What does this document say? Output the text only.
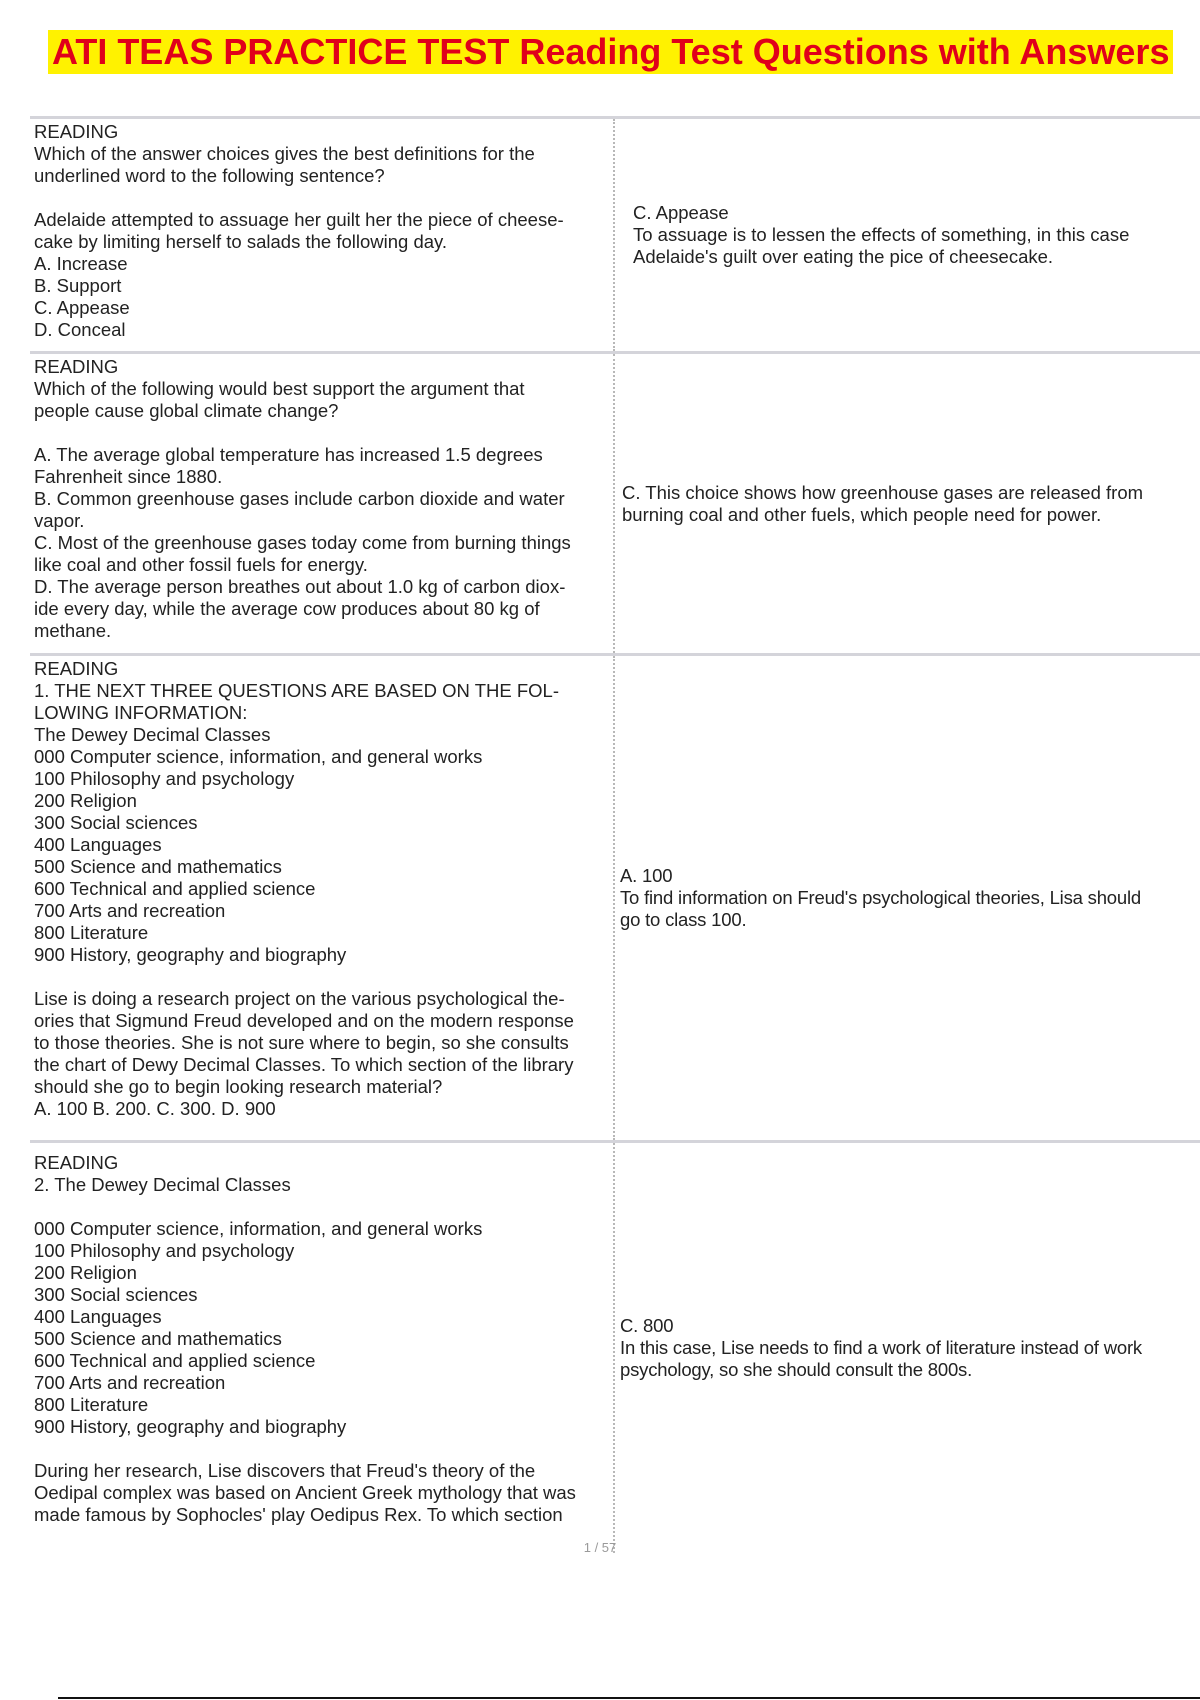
ATI TEAS PRACTICE TEST Reading Test Questions with Answers
READING
Which of the answer choices gives the best definitions for the
underlined word to the following sentence?

Adelaide attempted to assuage her guilt her the piece of cheese-
cake by limiting herself to salads the following day.
A. Increase
B. Support
C. Appease
D. Conceal
C. Appease
To assuage is to lessen the effects of something, in this case
Adelaide's guilt over eating the pice of cheesecake.
READING
Which of the following would best support the argument that
people cause global climate change?

A. The average global temperature has increased 1.5 degrees
Fahrenheit since 1880.
B. Common greenhouse gases include carbon dioxide and water
vapor.
C. Most of the greenhouse gases today come from burning things
like coal and other fossil fuels for energy.
D. The average person breathes out about 1.0 kg of carbon diox-
ide every day, while the average cow produces about 80 kg of
methane.
C. This choice shows how greenhouse gases are released from
burning coal and other fuels, which people need for power.
READING
1. THE NEXT THREE QUESTIONS ARE BASED ON THE FOL-
LOWING INFORMATION:
The Dewey Decimal Classes
000 Computer science, information, and general works
100 Philosophy and psychology
200 Religion
300 Social sciences
400 Languages
500 Science and mathematics
600 Technical and applied science
700 Arts and recreation
800 Literature
900 History, geography and biography

Lise is doing a research project on the various psychological the-
ories that Sigmund Freud developed and on the modern response
to those theories. She is not sure where to begin, so she consults
the chart of Dewy Decimal Classes. To which section of the library
should she go to begin looking research material?
A. 100 B. 200. C. 300. D. 900
A. 100
To find information on Freud's psychological theories, Lisa should
go to class 100.
READING
2. The Dewey Decimal Classes

000 Computer science, information, and general works
100 Philosophy and psychology
200 Religion
300 Social sciences
400 Languages
500 Science and mathematics
600 Technical and applied science
700 Arts and recreation
800 Literature
900 History, geography and biography

During her research, Lise discovers that Freud's theory of the
Oedipal complex was based on Ancient Greek mythology that was
made famous by Sophocles' play Oedipus Rex. To which section
C. 800
In this case, Lise needs to find a work of literature instead of work
psychology, so she should consult the 800s.
1 / 57
